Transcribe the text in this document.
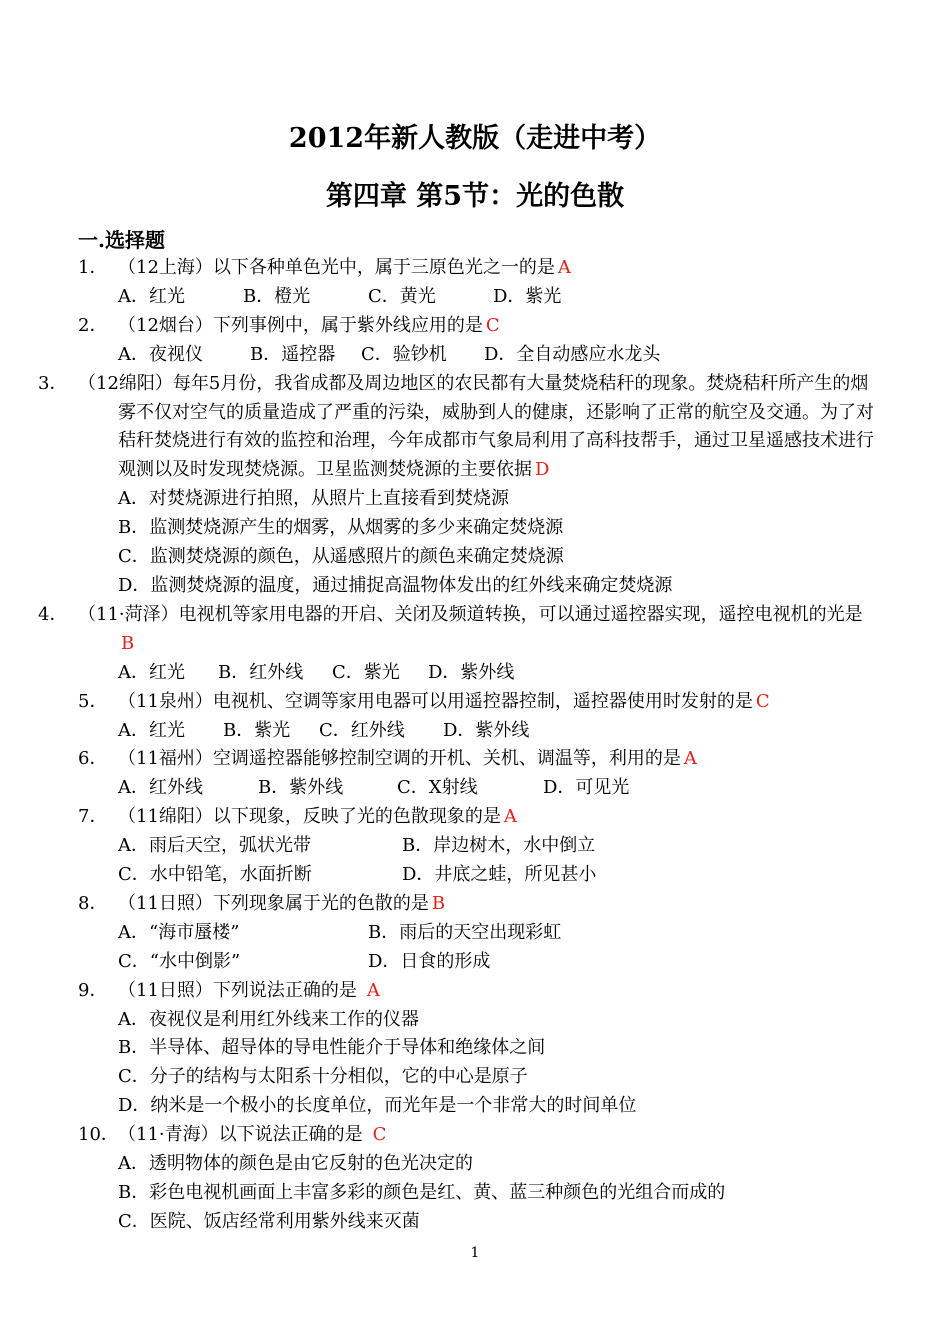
2012年新人教版（走进中考）
第四章 第5节：光的色散
一.选择题
1． （12上海）以下各种单色光中，属于三原色光之一的是 A
A．红光	B．橙光	C．黄光	D．紫光
2． （12烟台）下列事例中，属于紫外线应用的是 C
A．夜视仪	B．遥控器	C．验钞机	D．全自动感应水龙头
3． （12绵阳）每年5月份，我省成都及周边地区的农民都有大量焚烧秸秆的现象。焚烧秸秆所产生的烟雾不仅对空气的质量造成了严重的污染，威胁到人的健康，还影响了正常的航空及交通。为了对秸秆焚烧进行有效的监控和治理，今年成都市气象局利用了高科技帮手，通过卫星遥感技术进行观测以及时发现焚烧源。卫星监测焚烧源的主要依据 D
A．对焚烧源进行拍照，从照片上直接看到焚烧源
B．监测焚烧源产生的烟雾，从烟雾的多少来确定焚烧源
C．监测焚烧源的颜色，从遥感照片的颜色来确定焚烧源
D．监测焚烧源的温度，通过捕捉高温物体发出的红外线来确定焚烧源
4． （11·菏泽）电视机等家用电器的开启、关闭及频道转换，可以通过遥控器实现，遥控电视机的光是B
A．红光	B．红外线	C．紫光	D．紫外线
5． （11泉州）电视机、空调等家用电器可以用遥控器控制，遥控器使用时发射的是 C
A．红光	B．紫光	C．红外线	D．紫外线
6． （11福州）空调遥控器能够控制空调的开机、关机、调温等，利用的是 A
A．红外线	B．紫外线	C．X射线	D．可见光
7． （11绵阳）以下现象，反映了光的色散现象的是 A
A．雨后天空，弧状光带	B．岸边树木，水中倒立
C．水中铅笔，水面折断	D．井底之蛙，所见甚小
8． （11日照）下列现象属于光的色散的是 B
A．“海市蜃楼”	B．雨后的天空出现彩虹
C．“水中倒影”	D．日食的形成
9． （11日照）下列说法正确的是 A
A．夜视仪是利用红外线来工作的仪器
B．半导体、超导体的导电性能介于导体和绝缘体之间
C．分子的结构与太阳系十分相似，它的中心是原子
D．纳米是一个极小的长度单位，而光年是一个非常大的时间单位
10． （11·青海）以下说法正确的是 C
A．透明物体的颜色是由它反射的色光决定的
B．彩色电视机画面上丰富多彩的颜色是红、黄、蓝三种颜色的光组合而成的
C．医院、饭店经常利用紫外线来灭菌
1
